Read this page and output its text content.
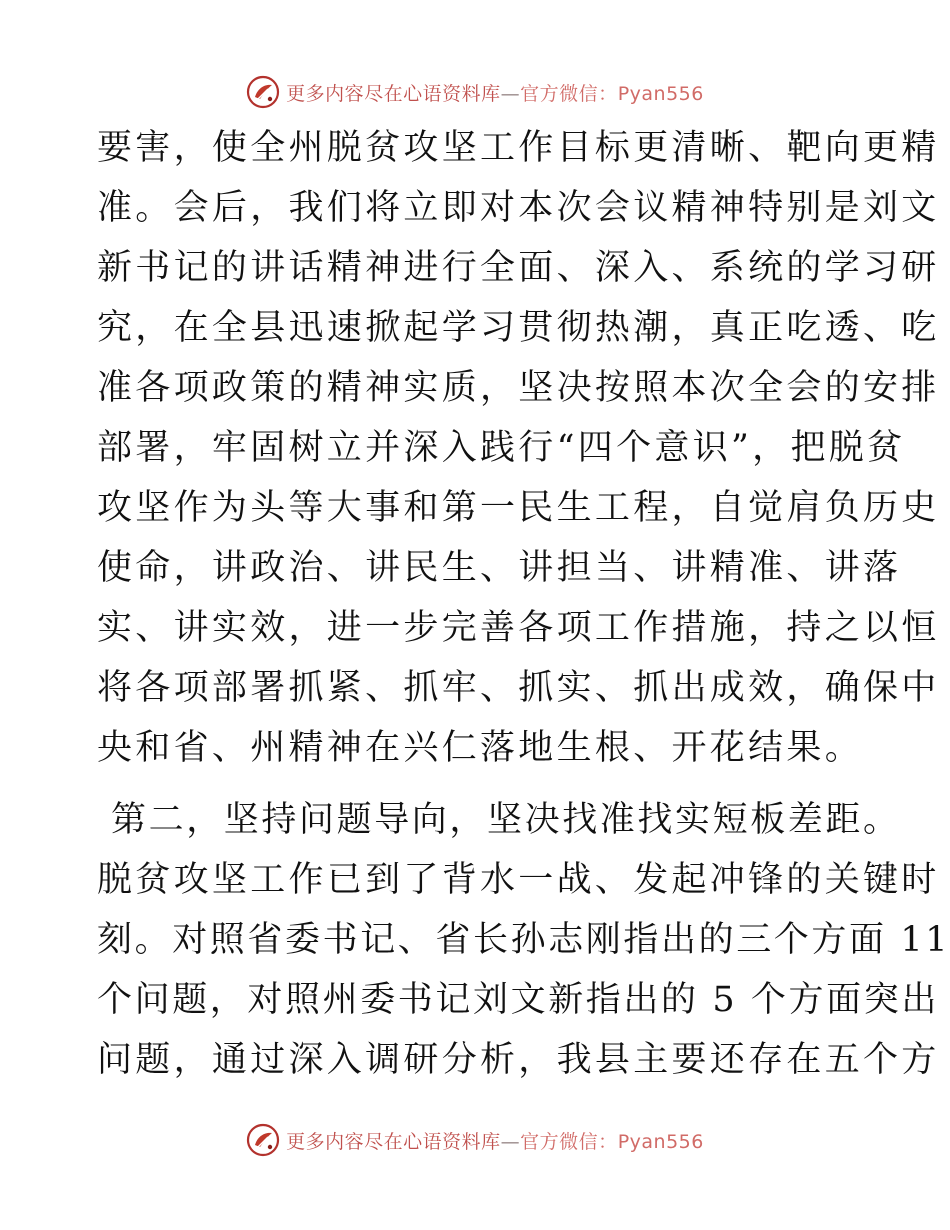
更多内容尽在心语资料库—官方微信：Pyan556
要害，使全州脱贫攻坚工作目标更清晰、靶向更精
准。会后，我们将立即对本次会议精神特别是刘文
新书记的讲话精神进行全面、深入、系统的学习研
究，在全县迅速掀起学习贯彻热潮，真正吃透、吃
准各项政策的精神实质，坚决按照本次全会的安排
部署，牢固树立并深入践行“四个意识”，把脱贫
攻坚作为头等大事和第一民生工程，自觉肩负历史
使命，讲政治、讲民生、讲担当、讲精准、讲落
实、讲实效，进一步完善各项工作措施，持之以恒
将各项部署抓紧、抓牢、抓实、抓出成效，确保中
央和省、州精神在兴仁落地生根、开花结果。
第二，坚持问题导向，坚决找准找实短板差距。
脱贫攻坚工作已到了背水一战、发起冲锋的关键时
刻。对照省委书记、省长孙志刚指出的三个方面 11
个问题，对照州委书记刘文新指出的 5 个方面突出
问题，通过深入调研分析，我县主要还存在五个方
更多内容尽在心语资料库—官方微信：Pyan556
